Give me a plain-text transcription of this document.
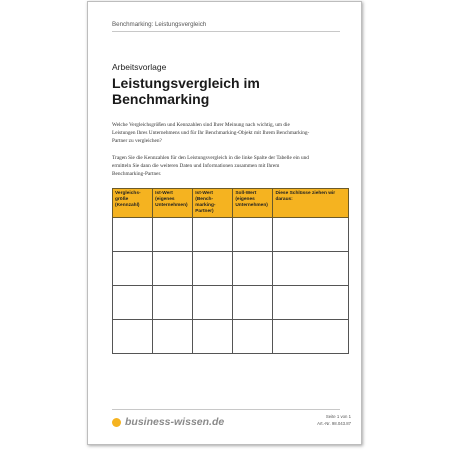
Benchmarking: Leistungsvergleich
Arbeitsvorlage
Leistungsvergleich im
Benchmarking
Welche Vergleichsgrößen und Kennzahlen sind Ihrer Meinung nach wichtig, um die Leistungen Ihres Unternehmens und für Ihr Benchmarking-Objekt mit Ihrem Benchmarking-Partner zu vergleichen?
Tragen Sie die Kennzahlen für den Leistungsvergleich in die linke Spalte der Tabelle ein und ermitteln Sie dann die weiteren Daten und Informationen zusammen mit Ihrem Benchmarking-Partner.
Vergleichs-größe (Kennzahl)	Ist-Wert (eigenes Unternehmen)	Ist-Wert (Bench-marking-Partner)	Soll-Wert (eigenes Unternehmen)	Diese Schlüsse ziehen wir daraus:

business-wissen.de	Seite 1 von 1
Art.-Nr. 98.043.87
